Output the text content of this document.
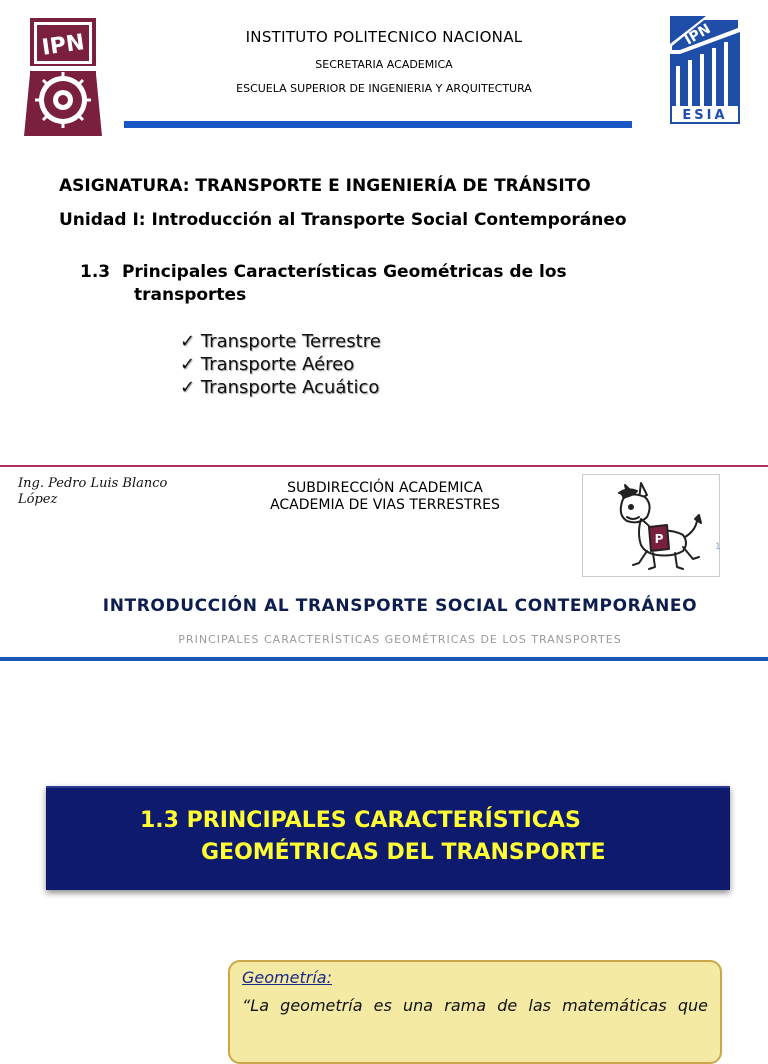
IPN	INSTITUTO POLITECNICO NACIONAL
SECRETARIA ACADEMICA
ESCUELA SUPERIOR DE INGENIERIA Y ARQUITECTURA
IPN
ESIA
ASIGNATURA: TRANSPORTE E INGENIERÍA DE TRÁNSITO
Unidad I: Introducción al Transporte Social Contemporáneo
1.3 Principales Características Geométricas de los
transportes
✓ Transporte Terrestre
✓ Transporte Aéreo
✓ Transporte Acuático
Ing. Pedro Luis Blanco
López
SUBDIRECCIÓN ACADEMICA
ACADEMIA DE VIAS TERRESTRES
P
1
INTRODUCCIÓN AL TRANSPORTE SOCIAL CONTEMPORÁNEO
PRINCIPALES CARACTERÍSTICAS GEOMÉTRICAS DE LOS TRANSPORTES
1.3 PRINCIPALES CARACTERÍSTICAS
GEOMÉTRICAS DEL TRANSPORTE
Geometría:
“La geometría es una rama de las matemáticas que
